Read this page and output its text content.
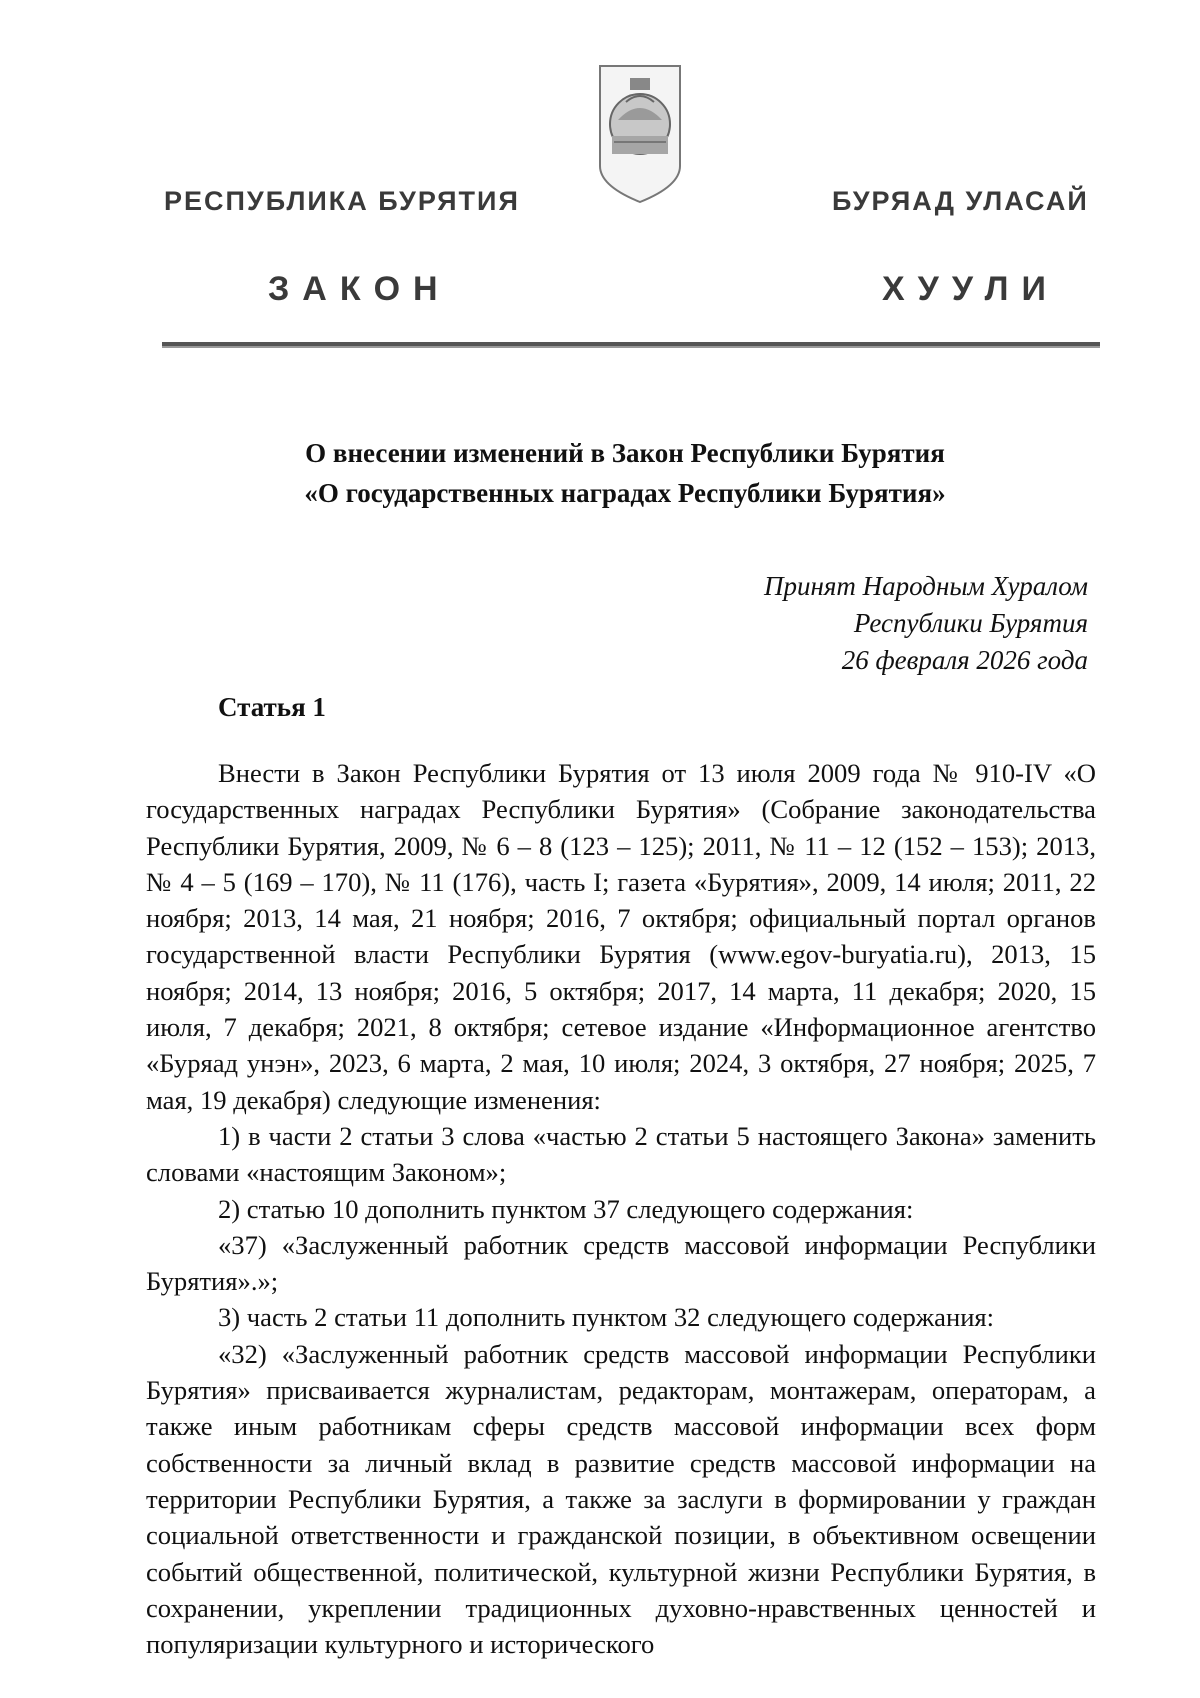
РЕСПУБЛИКА БУРЯТИЯ	БУРЯАД УЛАСАЙ
ЗАКОН	ХУУЛИ
О внесении изменений в Закон Республики Бурятия
«О государственных наградах Республики Бурятия»
Принят Народным Хуралом
Республики Бурятия
26 февраля 2026 года
Статья 1

Внести в Закон Республики Бурятия от 13 июля 2009 года № 910-IV «О государственных наградах Республики Бурятия» (Собрание законодательства Республики Бурятия, 2009, № 6 – 8 (123 – 125); 2011, № 11 – 12 (152 – 153); 2013, № 4 – 5 (169 – 170), № 11 (176), часть I; газета «Бурятия», 2009, 14 июля; 2011, 22 ноября; 2013, 14 мая, 21 ноября; 2016, 7 октября; официальный портал органов государственной власти Республики Бурятия (www.egov-buryatia.ru), 2013, 15 ноября; 2014, 13 ноября; 2016, 5 октября; 2017, 14 марта, 11 декабря; 2020, 15 июля, 7 декабря; 2021, 8 октября; сетевое издание «Информационное агентство «Буряад унэн», 2023, 6 марта, 2 мая, 10 июля; 2024, 3 октября, 27 ноября; 2025, 7 мая, 19 декабря) следующие изменения:

1) в части 2 статьи 3 слова «частью 2 статьи 5 настоящего Закона» заменить словами «настоящим Законом»;

2) статью 10 дополнить пунктом 37 следующего содержания:

«37) «Заслуженный работник средств массовой информации Республики Бурятия».»;

3) часть 2 статьи 11 дополнить пунктом 32 следующего содержания:

«32) «Заслуженный работник средств массовой информации Республики Бурятия» присваивается журналистам, редакторам, монтажерам, операторам, а также иным работникам сферы средств массовой информации всех форм собственности за личный вклад в развитие средств массовой информации на территории Республики Бурятия, а также за заслуги в формировании у граждан социальной ответственности и гражданской позиции, в объективном освещении событий общественной, политической, культурной жизни Республики Бурятия, в сохранении, укреплении традиционных духовно-нравственных ценностей и популяризации культурного и исторического
